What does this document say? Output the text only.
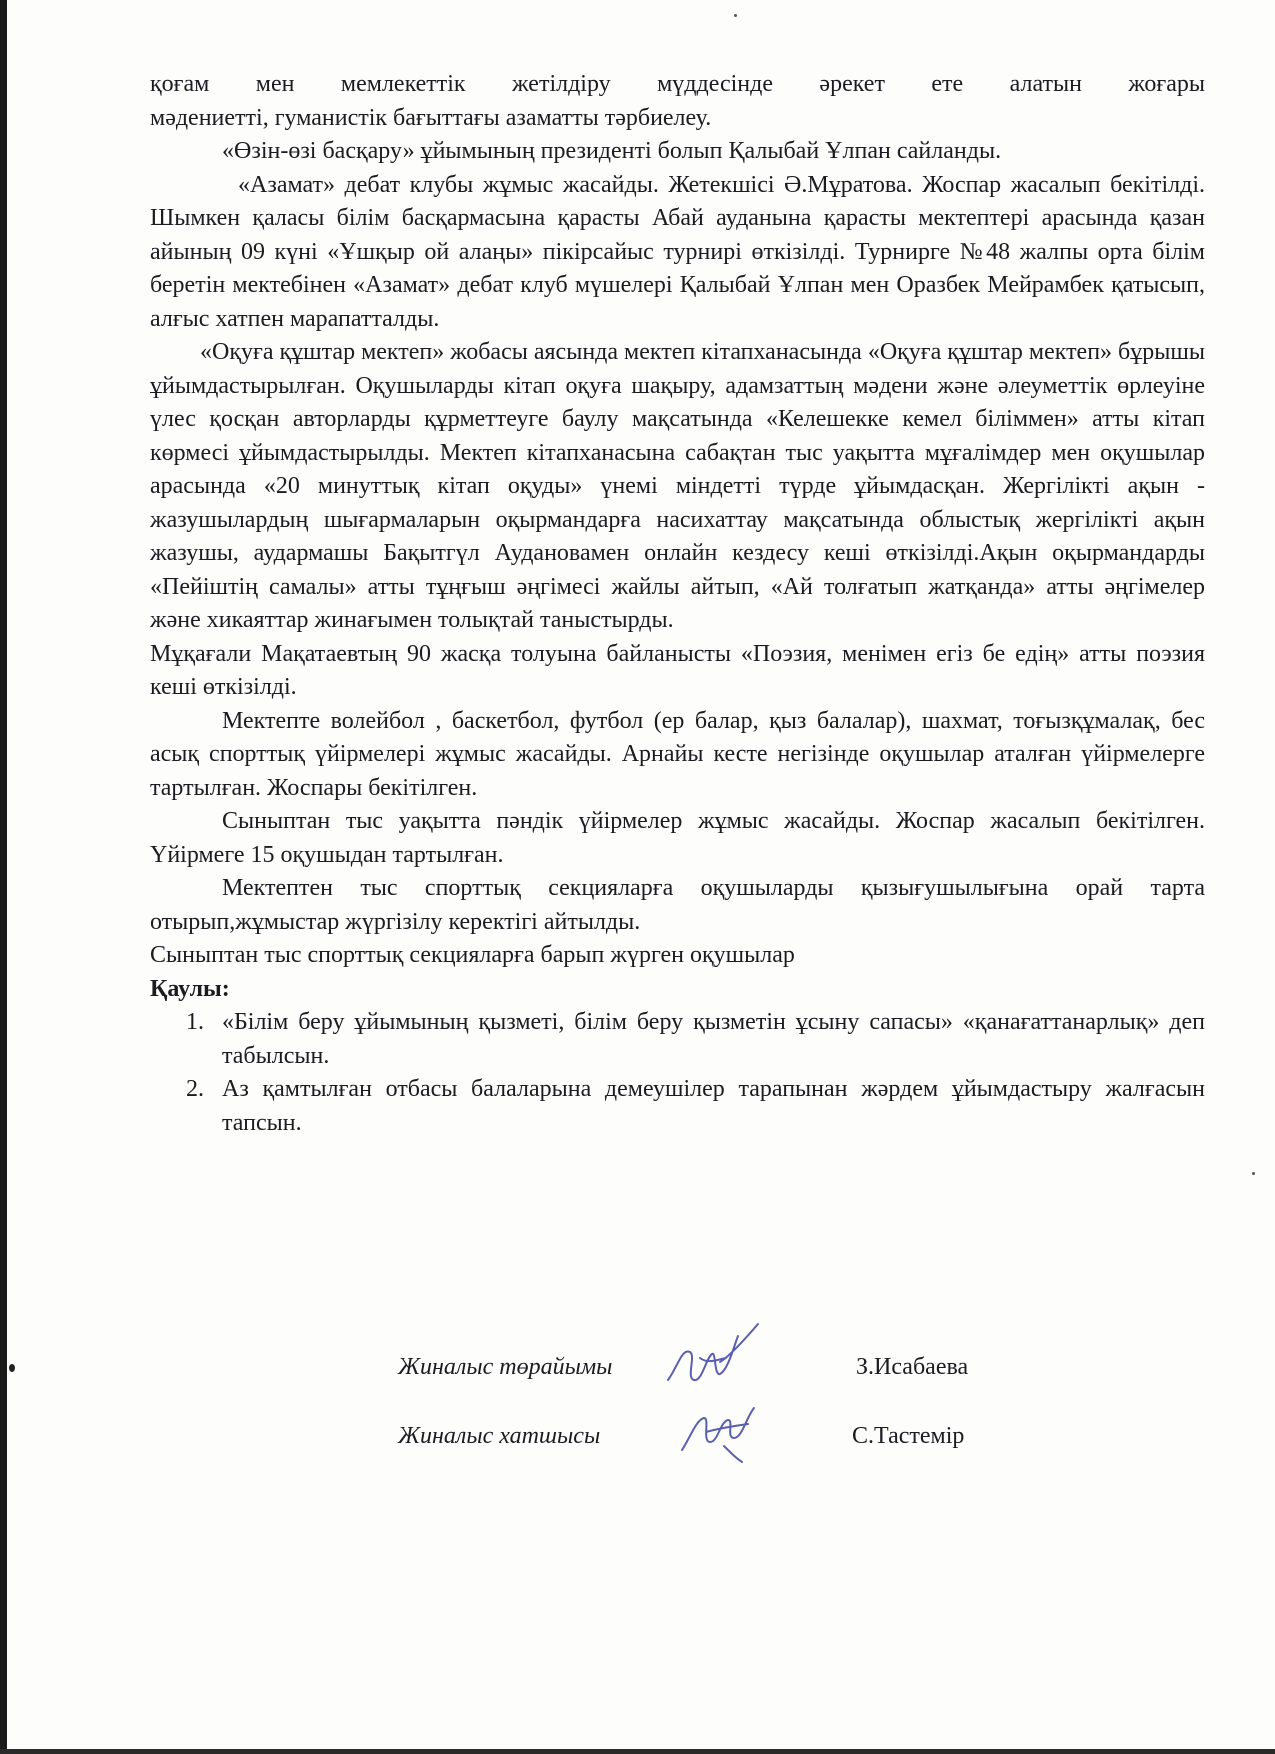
қоғам мен мемлекеттік жетілдіру мүддесінде әрекет ете алатын жоғары

мәдениетті, гуманистік бағыттағы азаматты тәрбиелеу.

«Өзін-өзі басқару» ұйымының президенті болып Қалыбай Ұлпан сайланды.

«Азамат» дебат клубы жұмыс жасайды. Жетекшісі Ә.Мұратова. Жоспар жасалып бекітілді. Шымкен қаласы білім басқармасына қарасты Абай ауданына қарасты мектептері арасында қазан айының 09 күні «Ұшқыр ой алаңы» пікірсайыс турнирі өткізілді. Турнирге №48 жалпы орта білім беретін мектебінен «Азамат» дебат клуб мүшелері Қалыбай Ұлпан мен Оразбек Мейрамбек қатысып, алғыс хатпен марапатталды.

«Оқуға құштар мектеп» жобасы аясында мектеп кітапханасында «Оқуға құштар мектеп» бұрышы ұйымдастырылған. Оқушыларды кітап оқуға шақыру, адамзаттың мәдени және әлеуметтік өрлеуіне үлес қосқан авторларды құрметтеуге баулу мақсатында «Келешекке кемел біліммен» атты кітап көрмесі ұйымдастырылды. Мектеп кітапханасына сабақтан тыс уақытта мұғалімдер мен оқушылар арасында «20 минуттық кітап оқуды» үнемі міндетті түрде ұйымдасқан. Жергілікті ақын - жазушылардың шығармаларын оқырмандарға насихаттау мақсатында облыстық жергілікті ақын жазушы, аудармашы Бақытгүл Ауданoвамен онлайн кездесу кеші өткізілді.Ақын оқырмандарды «Пейіштің самалы» атты тұңғыш әңгімесі жайлы айтып, «Ай толғатып жатқанда» атты әңгімелер және хикаяттар жинағымен толықтай таныстырды.

Мұқағали Мақатаевтың 90 жасқа толуына байланысты «Поэзия, менімен егіз бе едің» атты поэзия кеші өткізілді.

Мектепте волейбол , баскетбол, футбол (ер балар, қыз балалар), шахмат, тоғызқұмалақ, бес асық спорттық үйірмелері жұмыс жасайды. Арнайы кесте негізінде оқушылар аталған үйірмелерге тартылған. Жоспары бекітілген.

Сыныптан тыс уақытта пәндік үйірмелер жұмыс жасайды. Жоспар жасалып бекітілген. Үйірмеге 15 оқушыдан тартылған.

Мектептен тыс спорттық секцияларға оқушыларды қызығушылығына орай тарта отырып,жұмыстар жүргізілу керектігі айтылды.

Сыныптан тыс спорттық секцияларға барып жүрген оқушылар

Қаулы:

1. «Білім беру ұйымының қызметі, білім беру қызметін ұсыну сапасы» «қанағаттанарлық» деп табылсын.
2. Аз қамтылған отбасы балаларына демеушілер тарапынан жәрдем ұйымдастыру жалғасын тапсын.
Жиналыс төрайымы	З.Исабаева
Жиналыс хатшысы	С.Тастемір
